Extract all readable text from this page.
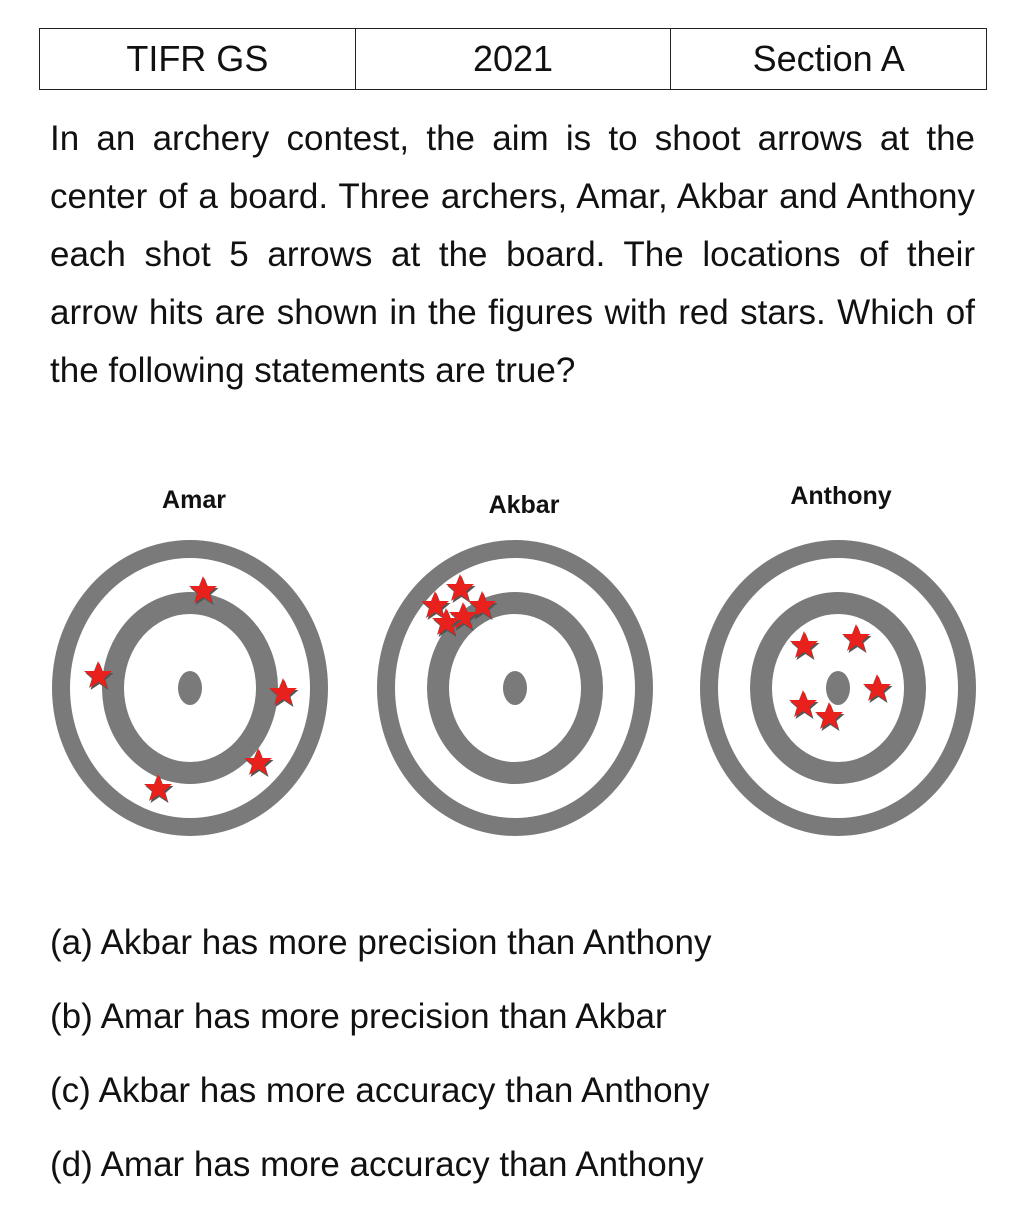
TIFR GS	2021	Section A
In an archery contest, the aim is to shoot arrows at the center of a board. Three archers, Amar, Akbar and Anthony each shot 5 arrows at the board. The locations of their arrow hits are shown in the figures with red stars. Which of the following statements are true?
Amar	Akbar	Anthony
(a) Akbar has more precision than Anthony
(b) Amar has more precision than Akbar
(c) Akbar has more accuracy than Anthony
(d) Amar has more accuracy than Anthony
